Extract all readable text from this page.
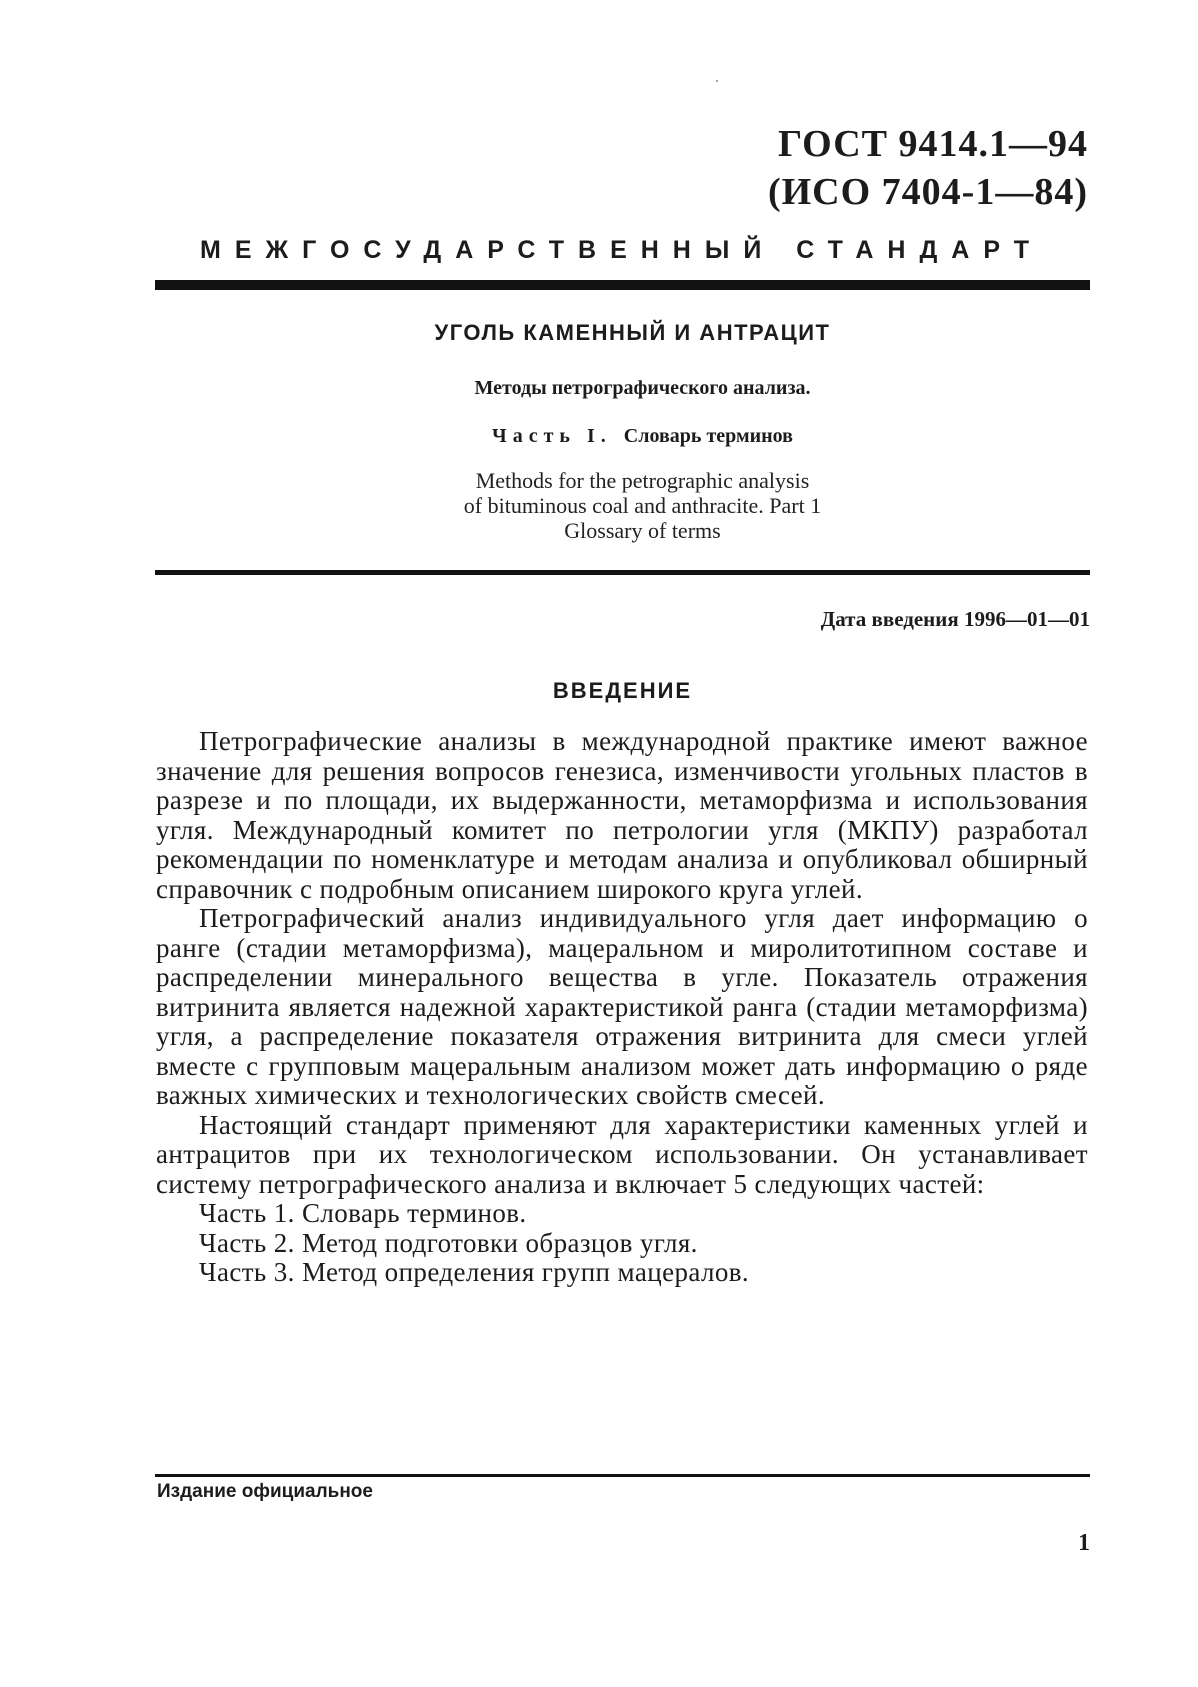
ГОСТ 9414.1—94
(ИСО 7404-1—84)
МЕЖГОСУДАРСТВЕННЫЙ СТАНДАРТ
УГОЛЬ КАМЕННЫЙ И АНТРАЦИТ
Методы петрографического анализа.
Часть I. Словарь терминов
Methods for the petrographic analysis
of bituminous coal and anthracite. Part 1
Glossary of terms
Дата введения 1996—01—01
ВВЕДЕНИЕ

Петрографические анализы в международной практике имеют важное значение для решения вопросов генезиса, изменчивости угольных пластов в разрезе и по площади, их выдержанности, метаморфизма и использования угля. Международный комитет по петрологии угля (МКПУ) разработал рекомендации по номенклатуре и методам анализа и опубликовал обширный справочник с подробным описанием широкого круга углей.

Петрографический анализ индивидуального угля дает информацию о ранге (стадии метаморфизма), мацеральном и миролитотипном составе и распределении минерального вещества в угле. Показатель отражения витринита является надежной характеристикой ранга (стадии метаморфизма) угля, а распределение показателя отражения витринита для смеси углей вместе с групповым мацеральным анализом может дать информацию о ряде важных химических и технологических свойств смесей.

Настоящий стандарт применяют для характеристики каменных углей и антрацитов при их технологическом использовании. Он устанавливает систему петрографического анализа и включает 5 следующих частей:

Часть 1. Словарь терминов.
Часть 2. Метод подготовки образцов угля.
Часть 3. Метод определения групп мацералов.
Издание официальное
1
